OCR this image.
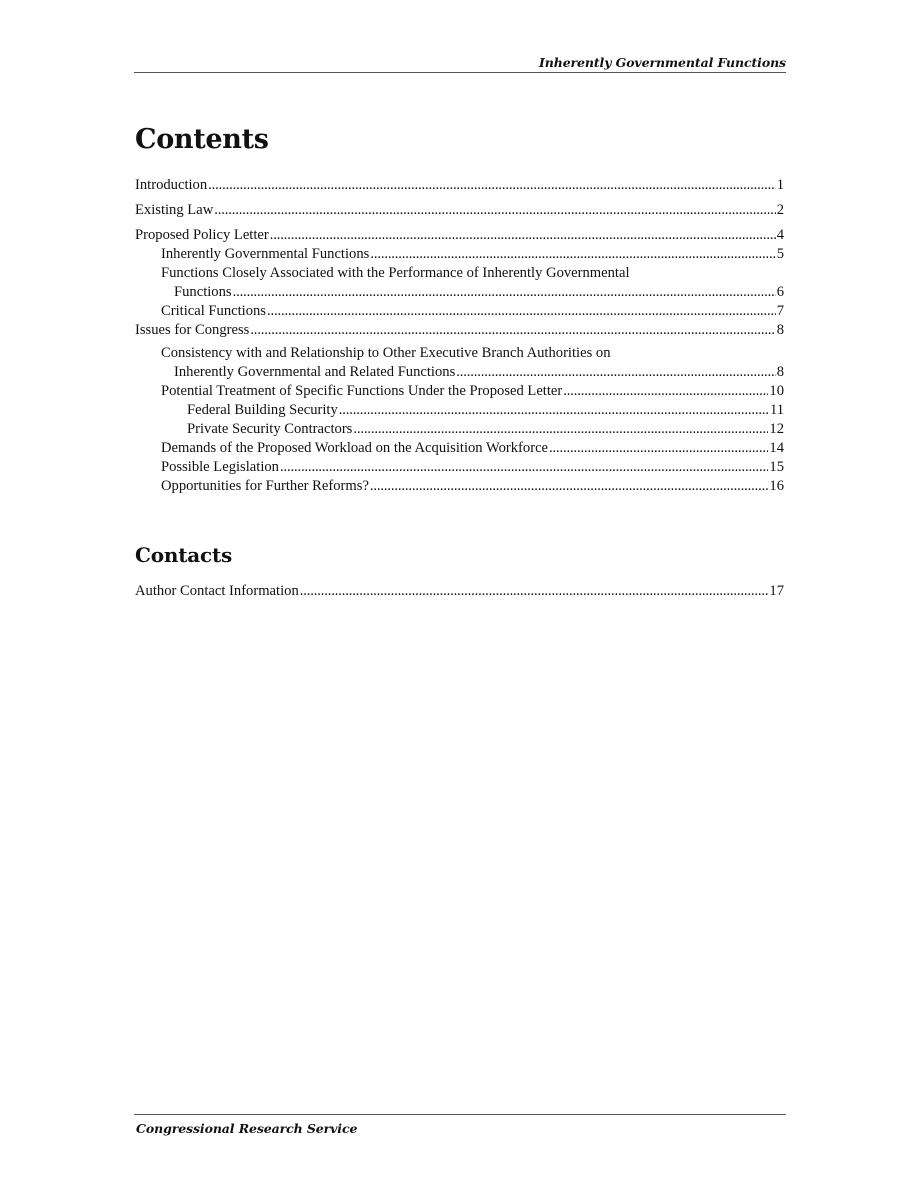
Inherently Governmental Functions
Contents
Introduction . . .	1
Existing Law . . .	2
Proposed Policy Letter . . .	4
Inherently Governmental Functions . . .	5
Functions Closely Associated with the Performance of Inherently Governmental
Functions . . .	6
Critical Functions . . .	7
Issues for Congress . . .	8
Consistency with and Relationship to Other Executive Branch Authorities on
Inherently Governmental and Related Functions . . .	8
Potential Treatment of Specific Functions Under the Proposed Letter . . .	10
Federal Building Security . . .	11
Private Security Contractors . . .	12
Demands of the Proposed Workload on the Acquisition Workforce . . .	14
Possible Legislation . . .	15
Opportunities for Further Reforms? . . .	16
Contacts
Author Contact Information . . .	17
Congressional Research Service
